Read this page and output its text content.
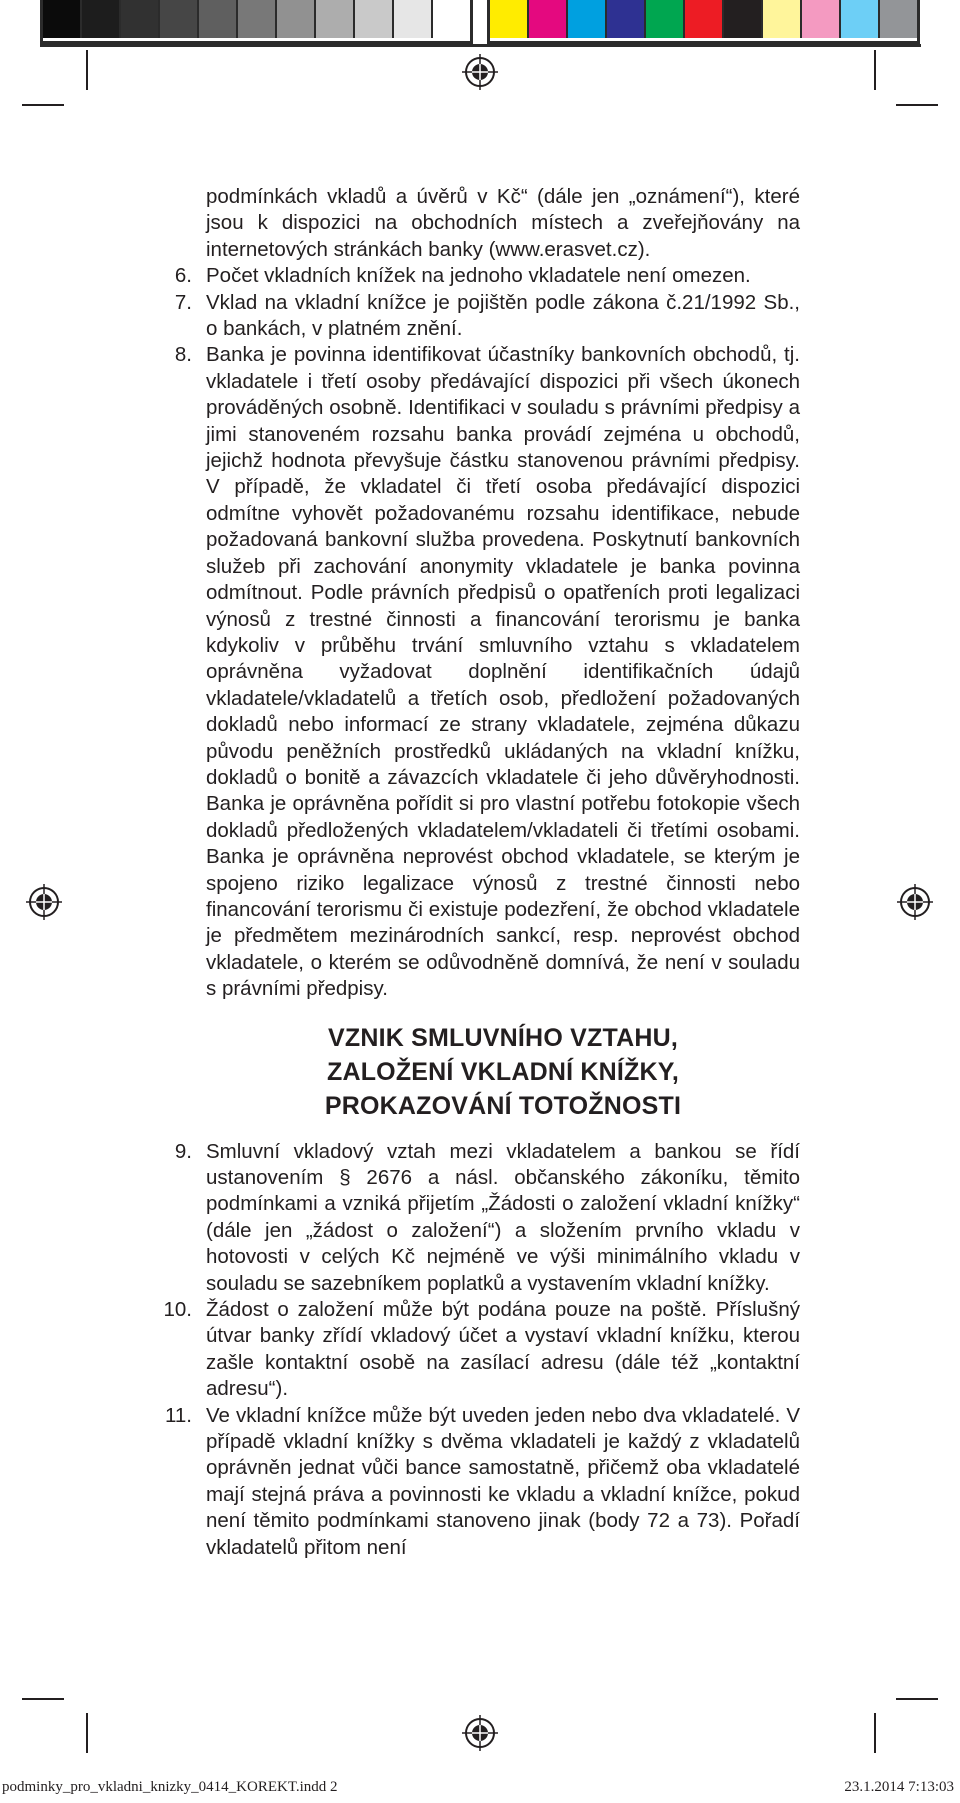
podmínkách vkladů a úvěrů v Kč“ (dále jen „oznámení“), které jsou k dispozici na obchodních místech a zveřejňovány na internetových stránkách banky (www.erasvet.cz).

6. Počet vkladních knížek na jednoho vkladatele není omezen.

7. Vklad na vkladní knížce je pojištěn podle zákona č.21/1992 Sb., o bankách, v platném znění.

8. Banka je povinna identifikovat účastníky bankovních obchodů, tj. vkladatele i třetí osoby předávající dispozici při všech úkonech prováděných osobně. Identifikaci v souladu s právními předpisy a jimi stanoveném rozsahu banka provádí zejména u obchodů, jejichž hodnota převyšuje částku stanovenou právními předpisy. V případě, že vkladatel či třetí osoba předávající dispozici odmítne vyhovět požadovanému rozsahu identifikace, nebude požadovaná bankovní služba provedena. Poskytnutí bankovních služeb při zachování anonymity vkladatele je banka povinna odmítnout. Podle právních předpisů o opatřeních proti legalizaci výnosů z trestné činnosti a financování terorismu je banka kdykoliv v průběhu trvání smluvního vztahu s vkladatelem oprávněna vyžadovat doplnění identifikačních údajů vkladatele/vkladatelů a třetích osob, předložení požadovaných dokladů nebo informací ze strany vkladatele, zejména důkazu původu peněžních prostředků ukládaných na vkladní knížku, dokladů o bonitě a závazcích vkladatele či jeho důvěryhodnosti. Banka je oprávněna pořídit si pro vlastní potřebu fotokopie všech dokladů předložených vkladatelem/vkladateli či třetími osobami. Banka je oprávněna neprovést obchod vkladatele, se kterým je spojeno riziko legalizace výnosů z trestné činnosti nebo financování terorismu či existuje podezření, že obchod vkladatele je předmětem mezinárodních sankcí, resp. neprovést obchod vkladatele, o kterém se odůvodněně domnívá, že není v souladu s právními předpisy.

VZNIK SMLUVNÍHO VZTAHU,
ZALOŽENÍ VKLADNÍ KNÍŽKY,
PROKAZOVÁNÍ TOTOŽNOSTI
9. Smluvní vkladový vztah mezi vkladatelem a bankou se řídí ustanovením § 2676 a násl. občanského zákoníku, těmito podmínkami a vzniká přijetím „Žádosti o založení vkladní knížky“ (dále jen „žádost o založení“) a složením prvního vkladu v hotovosti v celých Kč nejméně ve výši minimálního vkladu v souladu se sazebníkem poplatků a vystavením vkladní knížky.

10. Žádost o založení může být podána pouze na poště. Příslušný útvar banky zřídí vkladový účet a vystaví vkladní knížku, kterou zašle kontaktní osobě na zasílací adresu (dále též „kontaktní adresu“).

11. Ve vkladní knížce může být uveden jeden nebo dva vkladatelé. V případě vkladní knížky s dvěma vkladateli je každý z vkladatelů oprávněn jednat vůči bance samostatně, přičemž oba vkladatelé mají stejná práva a povinnosti ke vkladu a vkladní knížce, pokud není těmito podmínkami stanoveno jinak (body 72 a 73). Pořadí vkladatelů přitom není

podminky_pro_vkladni_knizky_0414_KOREKT.indd 2	23.1.2014 7:13:03
